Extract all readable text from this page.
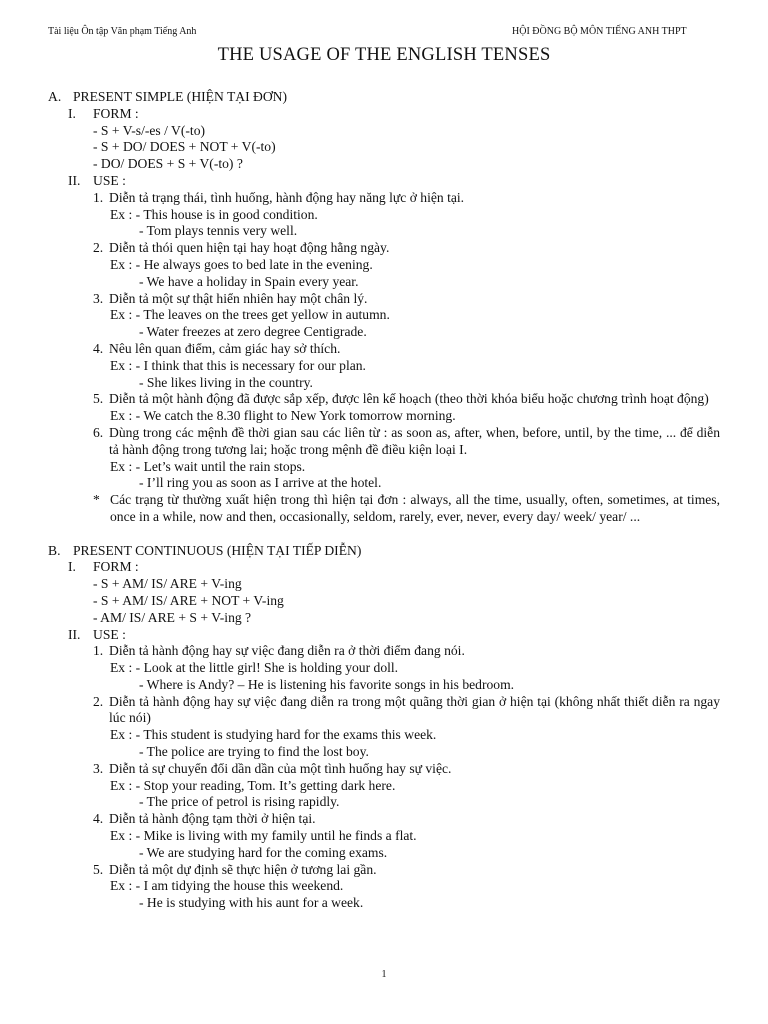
Tài liệu Ôn tập Văn phạm Tiếng Anh	HỘI ĐỒNG BỘ MÔN TIẾNG ANH THPT
THE USAGE OF THE ENGLISH TENSES
A. PRESENT SIMPLE (HIỆN TẠI ĐƠN)
I. FORM :
- S + V-s/-es / V(-to)
- S + DO/ DOES + NOT + V(-to)
- DO/ DOES + S + V(-to) ?
II. USE :
1. Diễn tả trạng thái, tình huống, hành động hay năng lực ở hiện tại.
Ex : - This house is in good condition.
- Tom plays tennis very well.
2. Diễn tả thói quen hiện tại hay hoạt động hằng ngày.
Ex : - He always goes to bed late in the evening.
- We have a holiday in Spain every year.
3. Diễn tả một sự thật hiển nhiên hay một chân lý.
Ex : - The leaves on the trees get yellow in autumn.
- Water freezes at zero degree Centigrade.
4. Nêu lên quan điểm, cảm giác hay sở thích.
Ex : - I think that this is necessary for our plan.
- She likes living in the country.
5. Diễn tả một hành động đã được sắp xếp, được lên kế hoạch (theo thời khóa biểu hoặc chương trình hoạt động)
Ex : - We catch the 8.30 flight to New York tomorrow morning.
6. Dùng trong các mệnh đề thời gian sau các liên từ : as soon as, after, when, before, until, by the time, ... để diễn tả hành động trong tương lai; hoặc trong mệnh đề điều kiện loại I.
Ex : - Let’s wait until the rain stops.
- I’ll ring you as soon as I arrive at the hotel.
* Các trạng từ thường xuất hiện trong thì hiện tại đơn : always, all the time, usually, often, sometimes, at times, once in a while, now and then, occasionally, seldom, rarely, ever, never, every day/ week/ year/ ...
B. PRESENT CONTINUOUS (HIỆN TẠI TIẾP DIỄN)
I. FORM :
- S + AM/ IS/ ARE + V-ing
- S + AM/ IS/ ARE + NOT + V-ing
- AM/ IS/ ARE + S + V-ing ?
II. USE :
1. Diễn tả hành động hay sự việc đang diễn ra ở thời điểm đang nói.
Ex : - Look at the little girl! She is holding your doll.
- Where is Andy? – He is listening his favorite songs in his bedroom.
2. Diễn tả hành động hay sự việc đang diễn ra trong một quãng thời gian ở hiện tại (không nhất thiết diễn ra ngay lúc nói)
Ex : - This student is studying hard for the exams this week.
- The police are trying to find the lost boy.
3. Diễn tả sự chuyển đổi dần dần của một tình huống hay sự việc.
Ex : - Stop your reading, Tom. It’s getting dark here.
- The price of petrol is rising rapidly.
4. Diễn tả hành động tạm thời ở hiện tại.
Ex : - Mike is living with my family until he finds a flat.
- We are studying hard for the coming exams.
5. Diễn tả một dự định sẽ thực hiện ở tương lai gần.
Ex : - I am tidying the house this weekend.
- He is studying with his aunt for a week.
1
